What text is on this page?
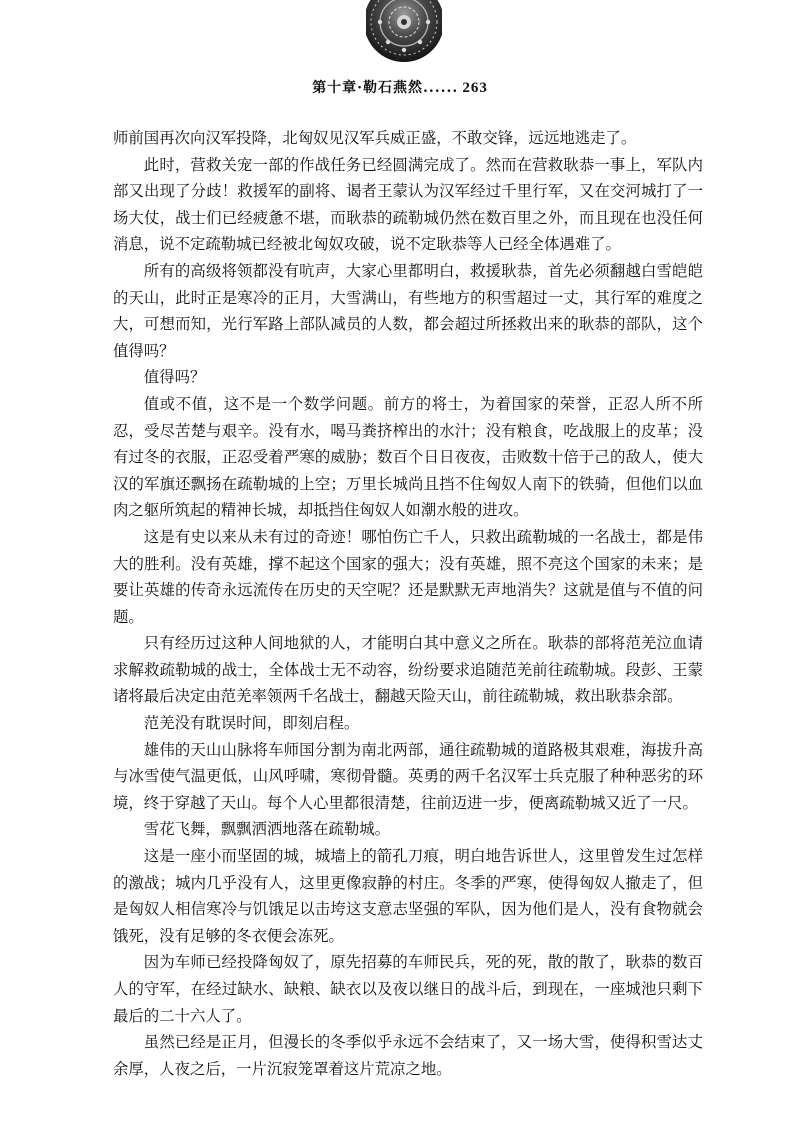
第十章·勒石燕然...... 263

师前国再次向汉军投降，北匈奴见汉军兵威正盛，不敢交锋，远远地逃走了。

此时，营救关宠一部的作战任务已经圆满完成了。然而在营救耿恭一事上，军队内部又出现了分歧！救援军的副将、谒者王蒙认为汉军经过千里行军，又在交河城打了一场大仗，战士们已经疲惫不堪，而耿恭的疏勒城仍然在数百里之外，而且现在也没任何消息，说不定疏勒城已经被北匈奴攻破，说不定耿恭等人已经全体遇难了。

所有的高级将领都没有吭声，大家心里都明白，救援耿恭，首先必须翻越白雪皑皑的天山，此时正是寒冷的正月，大雪满山，有些地方的积雪超过一丈，其行军的难度之大，可想而知，光行军路上部队减员的人数，都会超过所拯救出来的耿恭的部队，这个值得吗？

值得吗？

值或不值，这不是一个数学问题。前方的将士，为着国家的荣誉，正忍人所不所忍，受尽苦楚与艰辛。没有水，喝马粪挤榨出的水汁；没有粮食，吃战服上的皮革；没有过冬的衣服，正忍受着严寒的威胁；数百个日日夜夜，击败数十倍于己的敌人，使大汉的军旗还飘扬在疏勒城的上空；万里长城尚且挡不住匈奴人南下的铁骑，但他们以血肉之躯所筑起的精神长城，却抵挡住匈奴人如潮水般的进攻。

这是有史以来从未有过的奇迹！哪怕伤亡千人，只救出疏勒城的一名战士，都是伟大的胜利。没有英雄，撑不起这个国家的强大；没有英雄，照不亮这个国家的未来；是要让英雄的传奇永远流传在历史的天空呢？还是默默无声地消失？这就是值与不值的问题。

只有经历过这种人间地狱的人，才能明白其中意义之所在。耿恭的部将范羌泣血请求解救疏勒城的战士，全体战士无不动容，纷纷要求追随范羌前往疏勒城。段彭、王蒙诸将最后决定由范羌率领两千名战士，翻越天险天山，前往疏勒城，救出耿恭余部。

范羌没有耽误时间，即刻启程。

雄伟的天山山脉将车师国分割为南北两部，通往疏勒城的道路极其艰难，海拔升高与冰雪使气温更低，山风呼啸，寒彻骨髓。英勇的两千名汉军士兵克服了种种恶劣的环境，终于穿越了天山。每个人心里都很清楚，往前迈进一步，便离疏勒城又近了一尺。

雪花飞舞，飘飘洒洒地落在疏勒城。

这是一座小而坚固的城，城墙上的箭孔刀痕，明白地告诉世人，这里曾发生过怎样的激战；城内几乎没有人，这里更像寂静的村庄。冬季的严寒，使得匈奴人撤走了，但是匈奴人相信寒冷与饥饿足以击垮这支意志坚强的军队，因为他们是人，没有食物就会饿死，没有足够的冬衣便会冻死。

因为车师已经投降匈奴了，原先招募的车师民兵，死的死，散的散了，耿恭的数百人的守军，在经过缺水、缺粮、缺衣以及夜以继日的战斗后，到现在，一座城池只剩下最后的二十六人了。

虽然已经是正月，但漫长的冬季似乎永远不会结束了，又一场大雪，使得积雪达丈余厚，人夜之后，一片沉寂笼罩着这片荒凉之地。
